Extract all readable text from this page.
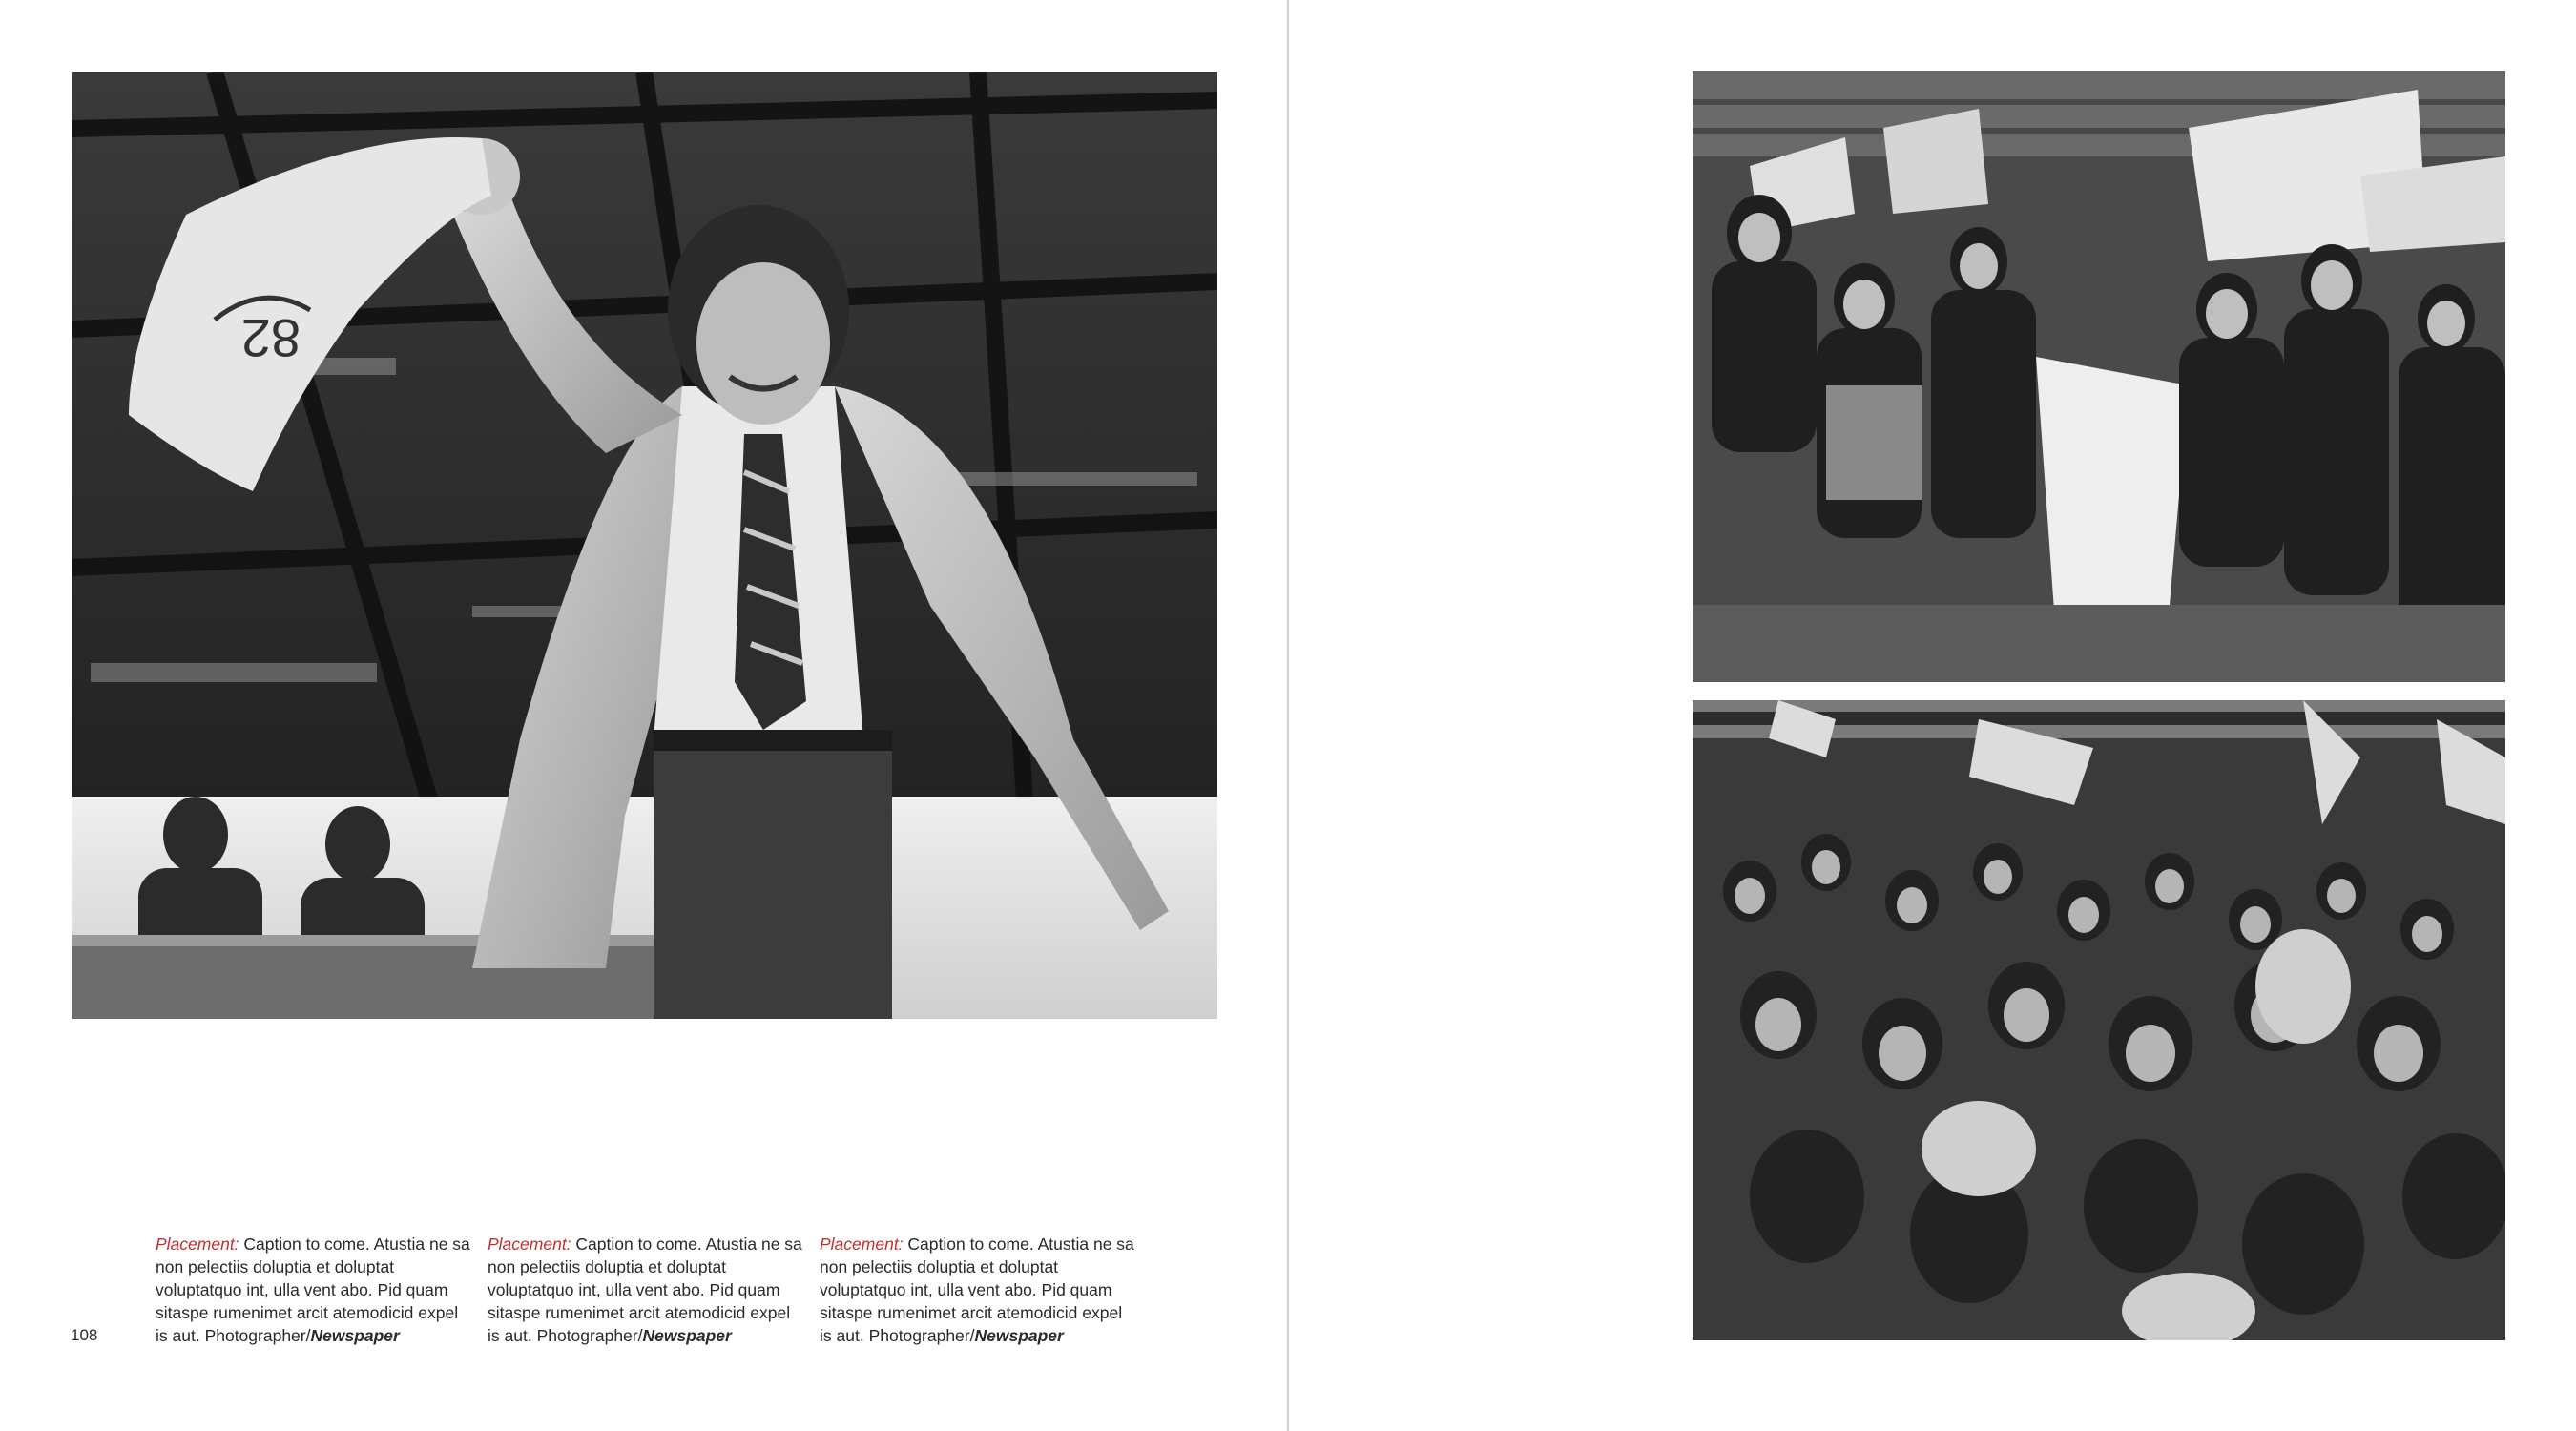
82
Placement: Caption to come. Atustia ne sa non pelectiis doluptia et doluptat voluptatquo int, ulla vent abo. Pid quam sitaspe rumenimet arcit atemodicid expel is aut. Photographer/Newspaper
Placement: Caption to come. Atustia ne sa non pelectiis doluptia et doluptat voluptatquo int, ulla vent abo. Pid quam sitaspe rumenimet arcit atemodicid expel is aut. Photographer/Newspaper
Placement: Caption to come. Atustia ne sa non pelectiis doluptia et doluptat voluptatquo int, ulla vent abo. Pid quam sitaspe rumenimet arcit atemodicid expel is aut. Photographer/Newspaper
108
